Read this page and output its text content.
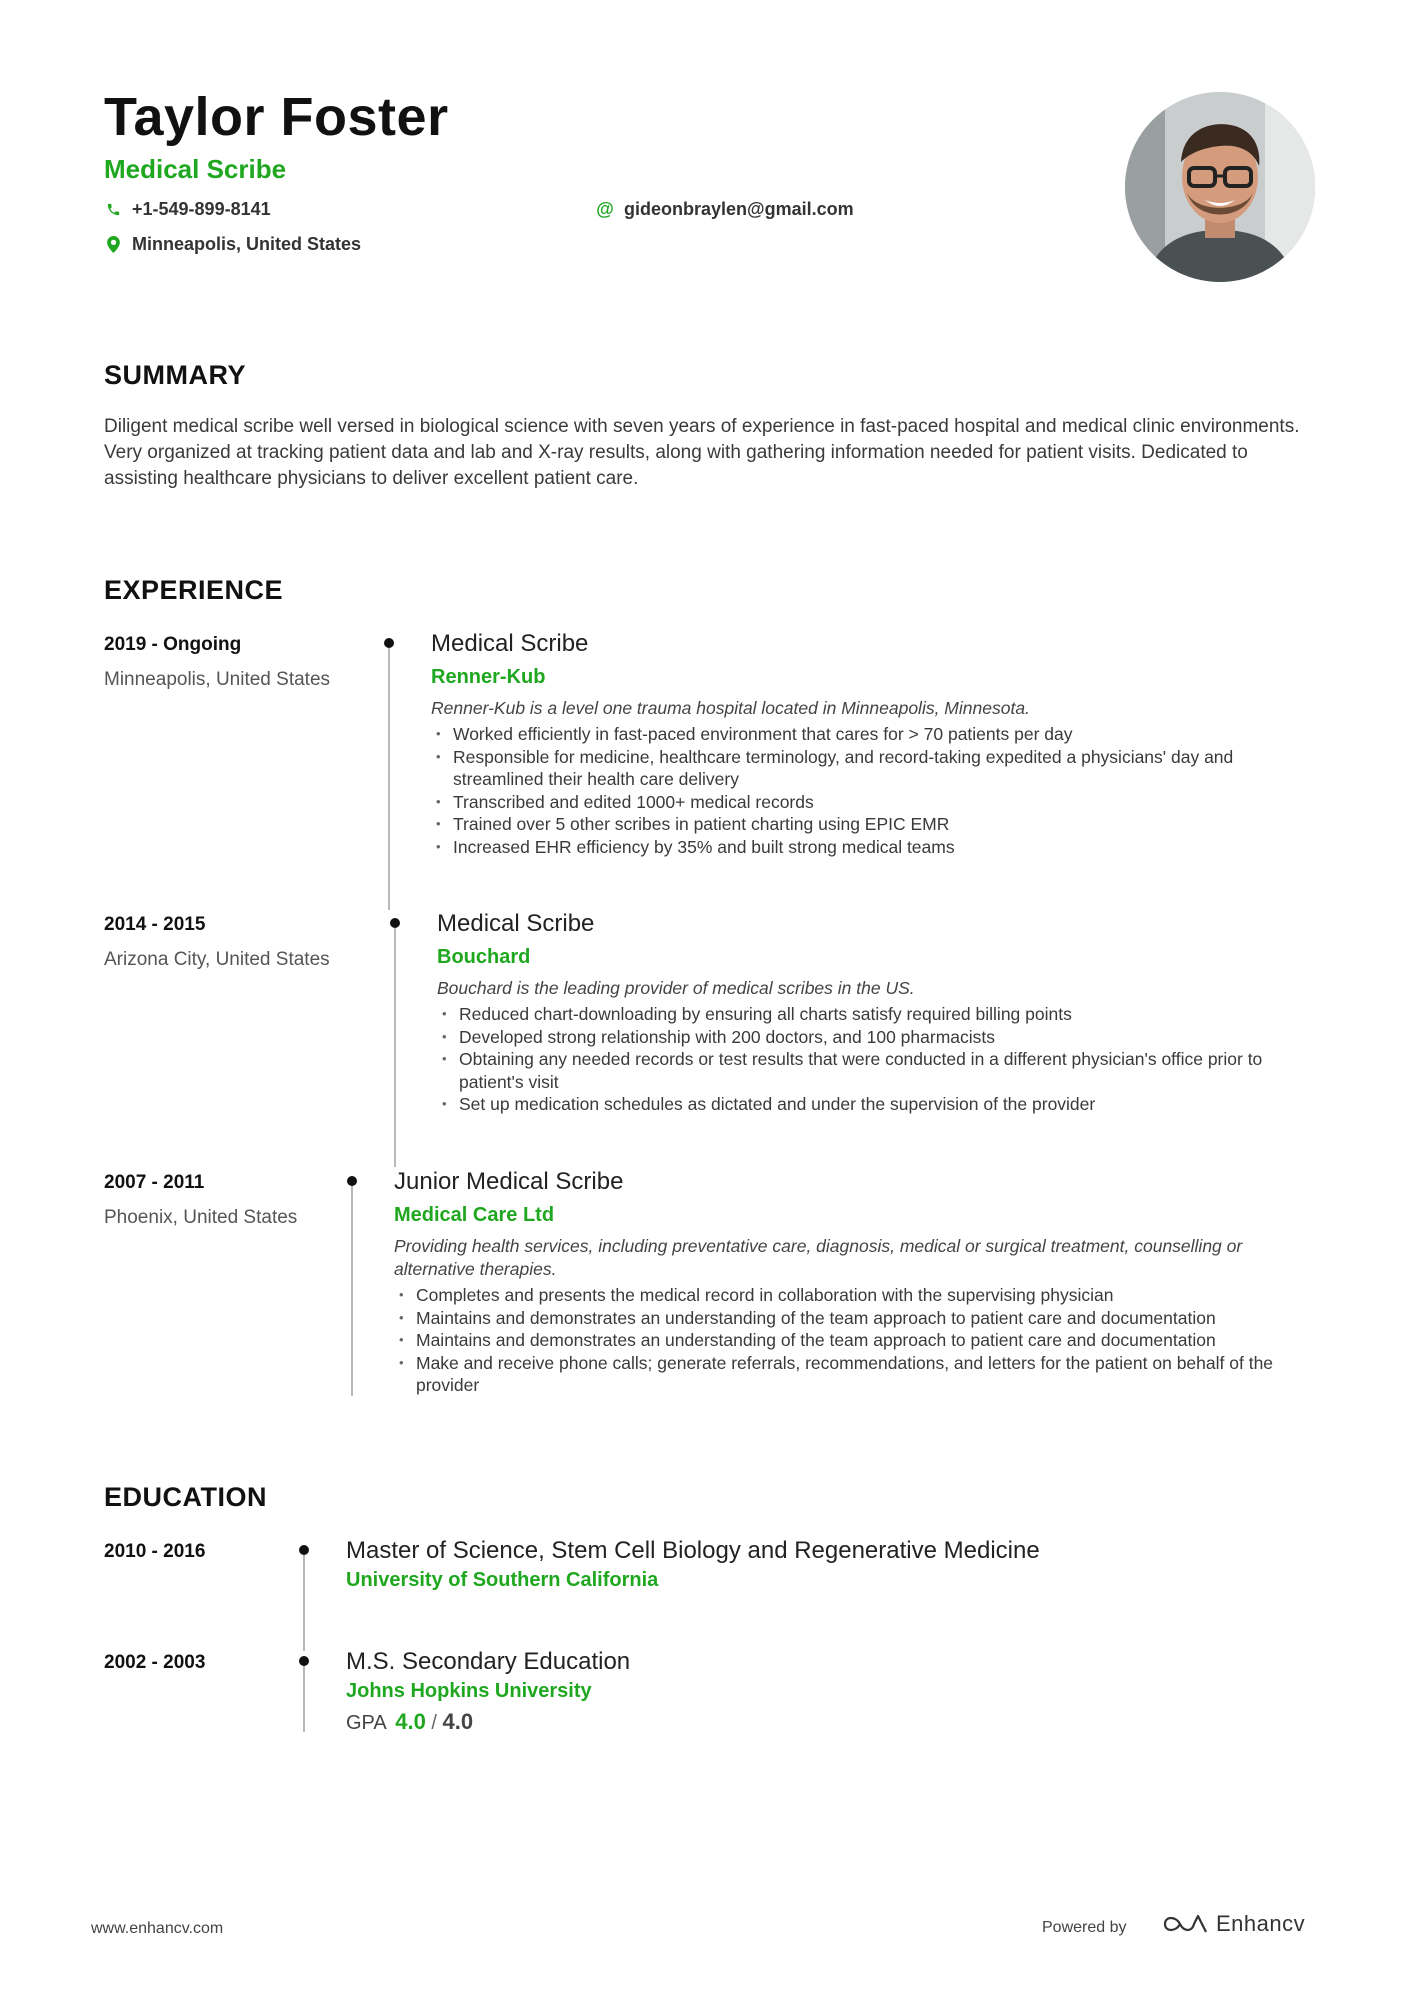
Taylor Foster
Medical Scribe
+1-549-899-8141	@ gideonbraylen@gmail.com
Minneapolis, United States
SUMMARY
Diligent medical scribe well versed in biological science with seven years of experience in fast-paced hospital and medical clinic environments. Very organized at tracking patient data and lab and X-ray results, along with gathering information needed for patient visits. Dedicated to assisting healthcare physicians to deliver excellent patient care.
EXPERIENCE
2019 - Ongoing
Minneapolis, United States
Medical Scribe
Renner-Kub
Renner-Kub is a level one trauma hospital located in Minneapolis, Minnesota.
• Worked efficiently in fast-paced environment that cares for > 70 patients per day
• Responsible for medicine, healthcare terminology, and record-taking expedited a physicians' day and streamlined their health care delivery
• Transcribed and edited 1000+ medical records
• Trained over 5 other scribes in patient charting using EPIC EMR
• Increased EHR efficiency by 35% and built strong medical teams
2014 - 2015
Arizona City, United States
Medical Scribe
Bouchard
Bouchard is the leading provider of medical scribes in the US.
• Reduced chart-downloading by ensuring all charts satisfy required billing points
• Developed strong relationship with 200 doctors, and 100 pharmacists
• Obtaining any needed records or test results that were conducted in a different physician's office prior to patient's visit
• Set up medication schedules as dictated and under the supervision of the provider
2007 - 2011
Phoenix, United States
Junior Medical Scribe
Medical Care Ltd
Providing health services, including preventative care, diagnosis, medical or surgical treatment, counselling or alternative therapies.
• Completes and presents the medical record in collaboration with the supervising physician
• Maintains and demonstrates an understanding of the team approach to patient care and documentation
• Maintains and demonstrates an understanding of the team approach to patient care and documentation
• Make and receive phone calls; generate referrals, recommendations, and letters for the patient on behalf of the provider
EDUCATION
2010 - 2016	Master of Science, Stem Cell Biology and Regenerative Medicine
University of Southern California
2002 - 2003	M.S. Secondary Education
Johns Hopkins University
GPA 4.0 / 4.0
www.enhancv.com	Powered by	Enhancv
